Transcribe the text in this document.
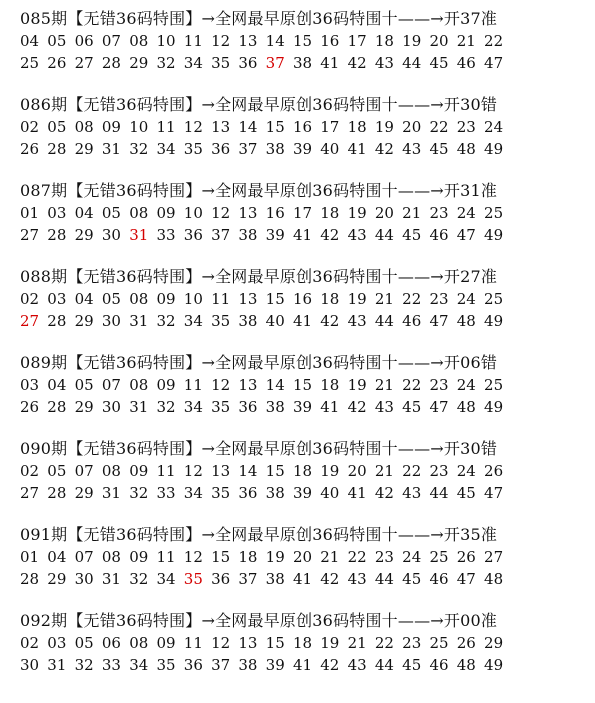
085期【无错36码特围】→全网最早原创36码特围十——→开37准
04 05 06 07 08 10 11 12 13 14 15 16 17 18 19 20 21 22
25 26 27 28 29 32 34 35 36 37 38 41 42 43 44 45 46 47
086期【无错36码特围】→全网最早原创36码特围十——→开30错
02 05 08 09 10 11 12 13 14 15 16 17 18 19 20 22 23 24
26 28 29 31 32 34 35 36 37 38 39 40 41 42 43 45 48 49
087期【无错36码特围】→全网最早原创36码特围十——→开31准
01 03 04 05 08 09 10 12 13 16 17 18 19 20 21 23 24 25
27 28 29 30 31 33 36 37 38 39 41 42 43 44 45 46 47 49
088期【无错36码特围】→全网最早原创36码特围十——→开27准
02 03 04 05 08 09 10 11 13 15 16 18 19 21 22 23 24 25
27 28 29 30 31 32 34 35 38 40 41 42 43 44 46 47 48 49
089期【无错36码特围】→全网最早原创36码特围十——→开06错
03 04 05 07 08 09 11 12 13 14 15 18 19 21 22 23 24 25
26 28 29 30 31 32 34 35 36 38 39 41 42 43 45 47 48 49
090期【无错36码特围】→全网最早原创36码特围十——→开30错
02 05 07 08 09 11 12 13 14 15 18 19 20 21 22 23 24 26
27 28 29 31 32 33 34 35 36 38 39 40 41 42 43 44 45 47
091期【无错36码特围】→全网最早原创36码特围十——→开35准
01 04 07 08 09 11 12 15 18 19 20 21 22 23 24 25 26 27
28 29 30 31 32 34 35 36 37 38 41 42 43 44 45 46 47 48
092期【无错36码特围】→全网最早原创36码特围十——→开00准
02 03 05 06 08 09 11 12 13 15 18 19 21 22 23 25 26 29
30 31 32 33 34 35 36 37 38 39 41 42 43 44 45 46 48 49
